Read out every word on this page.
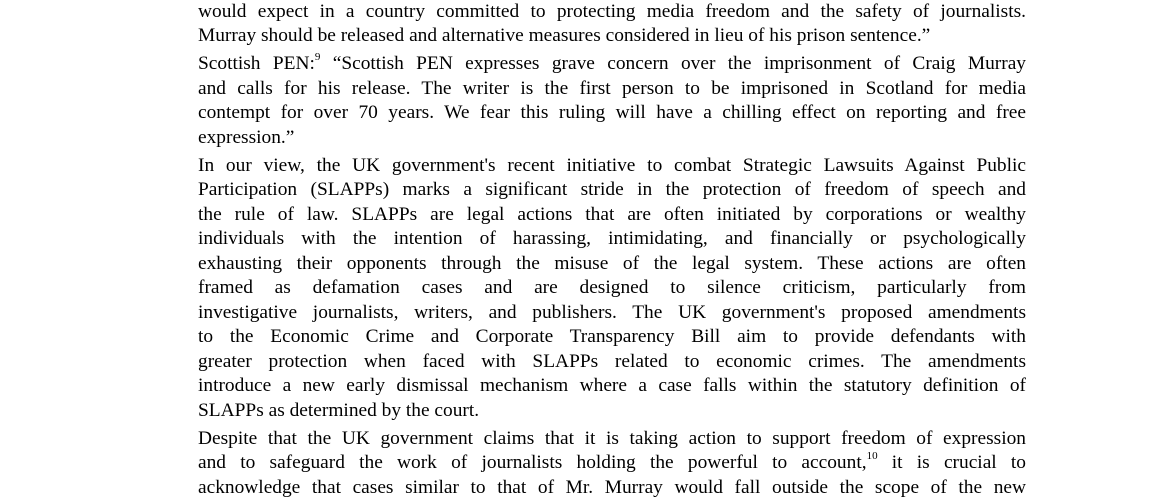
would expect in a country committed to protecting media freedom and the safety of journalists.
Murray should be released and alternative measures considered in lieu of his prison sentence.”
Scottish PEN:$^9$ “Scottish PEN expresses grave concern over the imprisonment of Craig Murray
and calls for his release. The writer is the first person to be imprisoned in Scotland for media
contempt for over 70 years. We fear this ruling will have a chilling effect on reporting and free
expression.”
In our view, the UK government's recent initiative to combat Strategic Lawsuits Against Public
Participation (SLAPPs) marks a significant stride in the protection of freedom of speech and
the rule of law. SLAPPs are legal actions that are often initiated by corporations or wealthy
individuals with the intention of harassing, intimidating, and financially or psychologically
exhausting their opponents through the misuse of the legal system. These actions are often
framed as defamation cases and are designed to silence criticism, particularly from
investigative journalists, writers, and publishers. The UK government's proposed amendments
to the Economic Crime and Corporate Transparency Bill aim to provide defendants with
greater protection when faced with SLAPPs related to economic crimes. The amendments
introduce a new early dismissal mechanism where a case falls within the statutory definition of
SLAPPs as determined by the court.
Despite that the UK government claims that it is taking action to support freedom of expression
and to safeguard the work of journalists holding the powerful to account,$^{10}$ it is crucial to
acknowledge that cases similar to that of Mr. Murray would fall outside the scope of the new
